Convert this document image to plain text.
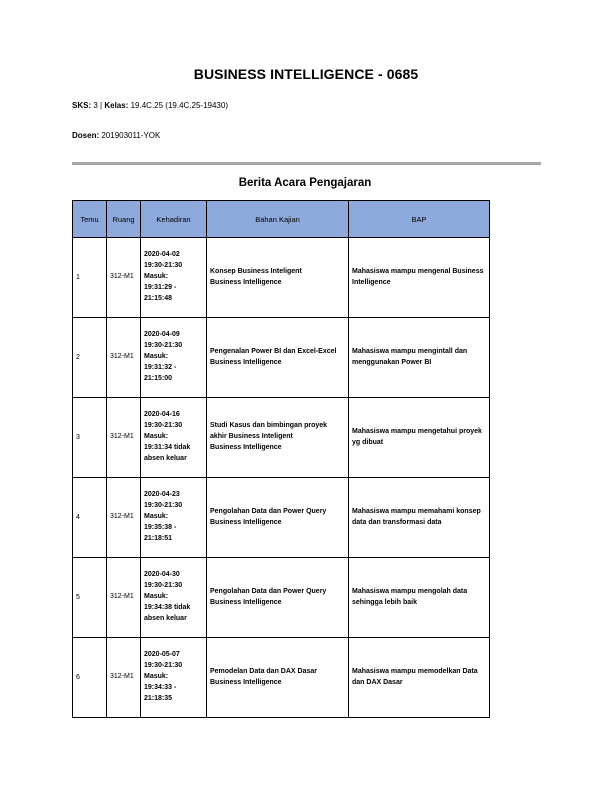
BUSINESS INTELLIGENCE - 0685
SKS: 3 | Kelas: 19.4C.25 (19.4C.25-19430)
Dosen: 201903011-YOK
Berita Acara Pengajaran
Temu	Ruang	Kehadiran	Bahan Kajian	BAP
1	312-M1	2020-04-02
19:30-21:30
Masuk:
19:31:29 -
21:15:48	Konsep Business Inteligent
Business Intelligence	Mahasiswa mampu mengenal Business Intelligence

2	312-M1	2020-04-09
19:30-21:30
Masuk:
19:31:32 -
21:15:00	Pengenalan Power BI dan Excel-Excel
Business Intelligence	Mahasiswa mampu mengintall dan menggunakan Power BI

3	312-M1	2020-04-16
19:30-21:30
Masuk:
19:31:34 tidak
absen keluar	Studi Kasus dan bimbingan proyek akhir Business Inteligent
Business Intelligence	Mahasiswa mampu mengetahui proyek yg dibuat

4	312-M1	2020-04-23
19:30-21:30
Masuk:
19:35:38 -
21:18:51	Pengolahan Data dan Power Query
Business Intelligence	Mahasiswa mampu memahami konsep data dan transformasi data

5	312-M1	2020-04-30
19:30-21:30
Masuk:
19:34:38 tidak
absen keluar	Pengolahan Data dan Power Query
Business Intelligence	Mahasiswa mampu mengolah data sehingga lebih baik

6	312-M1	2020-05-07
19:30-21:30
Masuk:
19:34:33 -
21:18:35	Pemodelan Data dan DAX Dasar
Business Intelligence	Mahasiswa mampu memodelkan Data dan DAX Dasar
